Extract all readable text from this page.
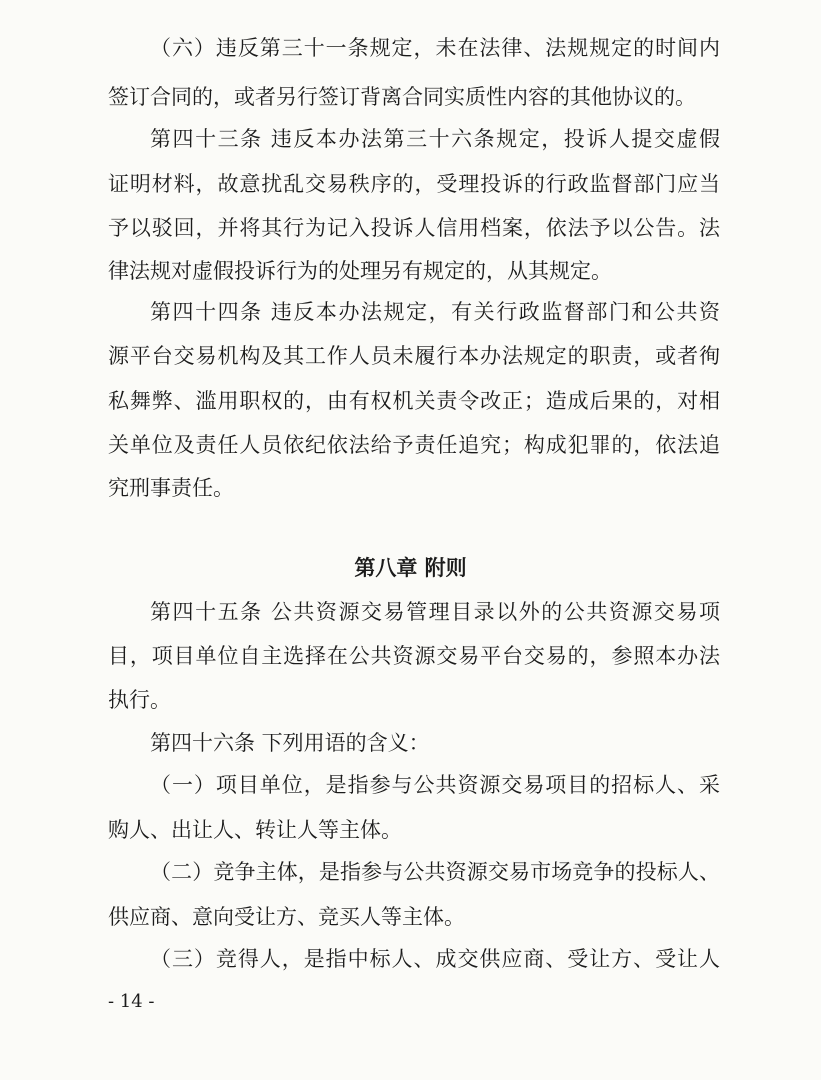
（六）违反第三十一条规定，未在法律、法规规定的时间内
签订合同的，或者另行签订背离合同实质性内容的其他协议的。
第四十三条 违反本办法第三十六条规定，投诉人提交虚假
证明材料，故意扰乱交易秩序的，受理投诉的行政监督部门应当
予以驳回，并将其行为记入投诉人信用档案，依法予以公告。法
律法规对虚假投诉行为的处理另有规定的，从其规定。
第四十四条 违反本办法规定，有关行政监督部门和公共资
源平台交易机构及其工作人员未履行本办法规定的职责，或者徇
私舞弊、滥用职权的，由有权机关责令改正；造成后果的，对相
关单位及责任人员依纪依法给予责任追究；构成犯罪的，依法追
究刑事责任。
第八章 附则
第四十五条 公共资源交易管理目录以外的公共资源交易项
目，项目单位自主选择在公共资源交易平台交易的，参照本办法
执行。
第四十六条 下列用语的含义：
（一）项目单位，是指参与公共资源交易项目的招标人、采
购人、出让人、转让人等主体。
（二）竞争主体，是指参与公共资源交易市场竞争的投标人、
供应商、意向受让方、竞买人等主体。
（三）竞得人，是指中标人、成交供应商、受让方、受让人
- 14 -
